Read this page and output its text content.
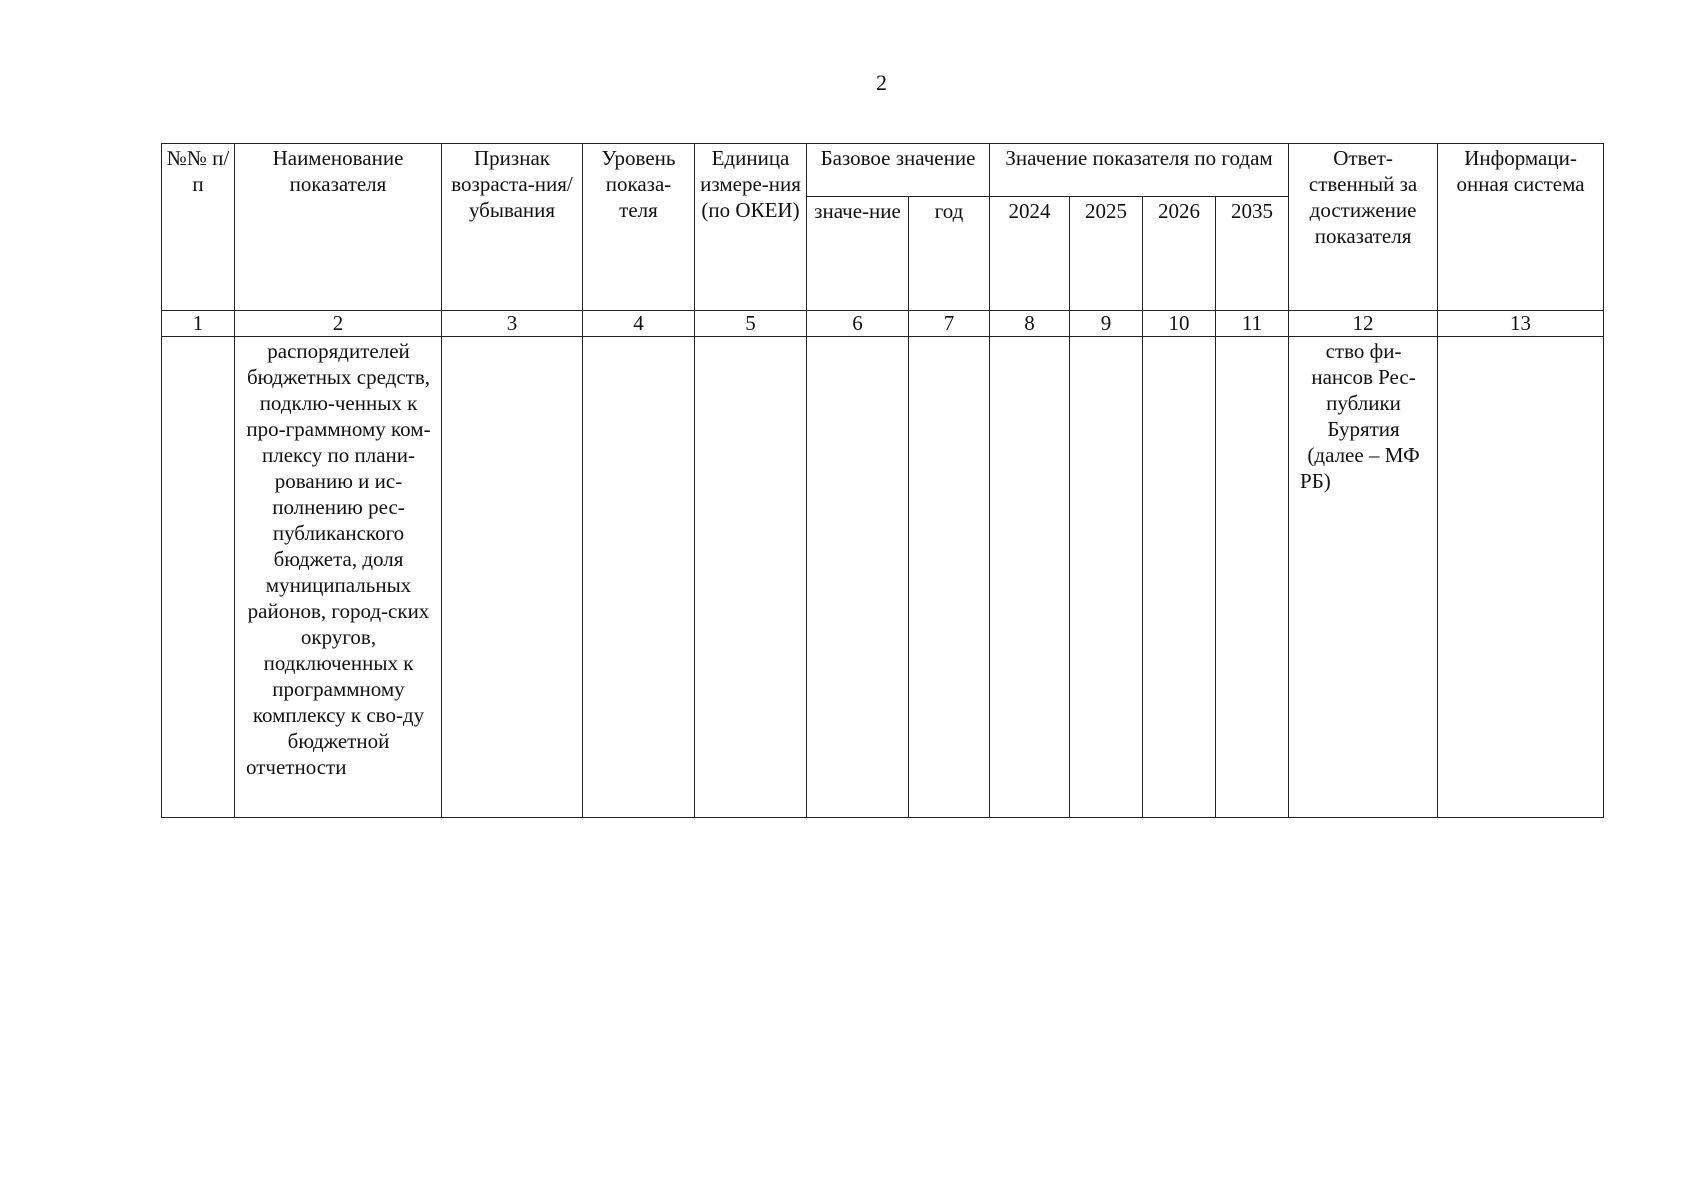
2
№№ п/п	Наименование показателя	Признак возраста-ния/ убывания	Уровень показа-теля	Единица измере-ния (по ОКЕИ)	Базовое значение		Значение показателя по годам				Ответ-ственный за достижение показателя	Информаци-онная система
					значе-ние	год	2024	2025	2026	2035		
1	2	3	4	5	6	7	8	9	10	11	12	13
	распорядителей бюджетных средств, подклю-ченных к про-граммному ком-плексу по плани-рованию и ис-полнению рес-публиканского бюджета, доля муниципальных районов, город-ских округов, подключенных к программному комплексу к сво-ду бюджетной отчетности										ство фи-нансов Рес-публики Бурятия (далее – МФ РБ)	
